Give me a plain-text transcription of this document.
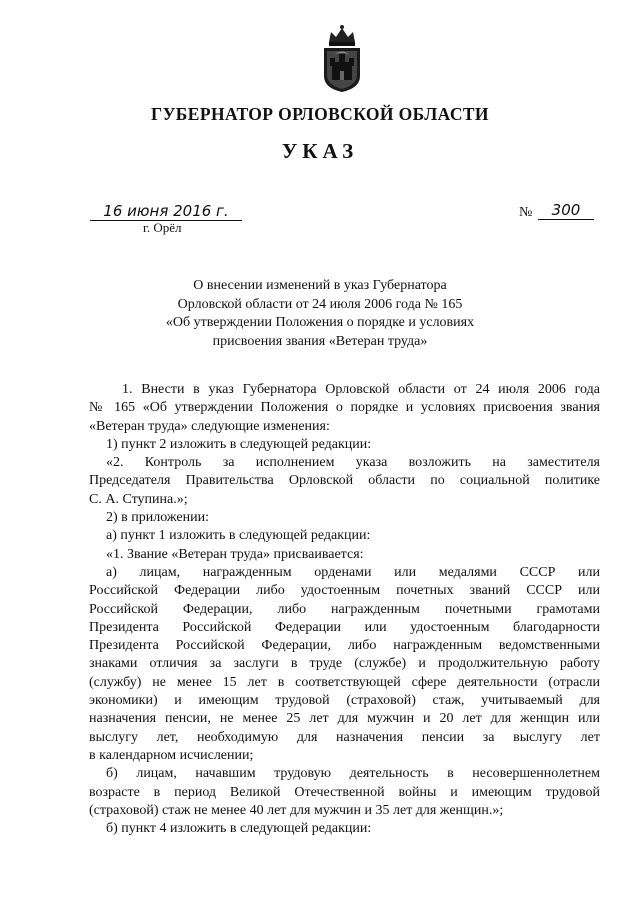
ГУБЕРНАТОР ОРЛОВСКОЙ ОБЛАСТИ
УКАЗ
16 июня 2016 г.
г. Орёл
№	300
О внесении изменений в указ Губернатора
Орловской области от 24 июля 2006 года № 165
«Об утверждении Положения о порядке и условиях
присвоения звания «Ветеран труда»
1. Внести в указ Губернатора Орловской области от 24 июля 2006 года
№ 165 «Об утверждении Положения о порядке и условиях присвоения звания
«Ветеран труда» следующие изменения:
1) пункт 2 изложить в следующей редакции:
«2. Контроль за исполнением указа возложить на заместителя
Председателя Правительства Орловской области по социальной политике
С. А. Ступина.»;
2) в приложении:
а) пункт 1 изложить в следующей редакции:
«1. Звание «Ветеран труда» присваивается:
а) лицам, награжденным орденами или медалями СССР или
Российской Федерации либо удостоенным почетных званий СССР или
Российской Федерации, либо награжденным почетными грамотами
Президента Российской Федерации или удостоенным благодарности
Президента Российской Федерации, либо награжденным ведомственными
знаками отличия за заслуги в труде (службе) и продолжительную работу
(службу) не менее 15 лет в соответствующей сфере деятельности (отрасли
экономики) и имеющим трудовой (страховой) стаж, учитываемый для
назначения пенсии, не менее 25 лет для мужчин и 20 лет для женщин или
выслугу лет, необходимую для назначения пенсии за выслугу лет
в календарном исчислении;
б) лицам, начавшим трудовую деятельность в несовершеннолетнем
возрасте в период Великой Отечественной войны и имеющим трудовой
(страховой) стаж не менее 40 лет для мужчин и 35 лет для женщин.»;
б) пункт 4 изложить в следующей редакции:
